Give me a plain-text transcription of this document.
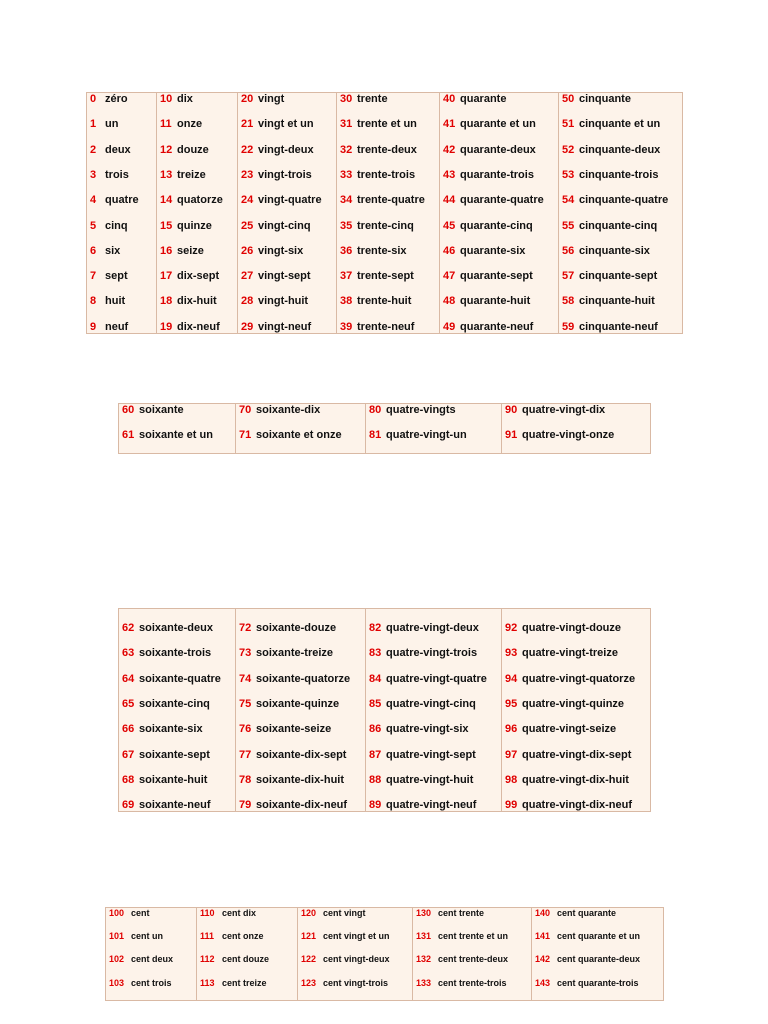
0 zéro
1 un
2 deux
3 trois
4 quatre
5 cinq
6 six
7 sept
8 huit
9 neuf
10 dix
11 onze
12 douze
13 treize
14 quatorze
15 quinze
16 seize
17 dix-sept
18 dix-huit
19 dix-neuf
20 vingt
21 vingt et un
22 vingt-deux
23 vingt-trois
24 vingt-quatre
25 vingt-cinq
26 vingt-six
27 vingt-sept
28 vingt-huit
29 vingt-neuf
30 trente
31 trente et un
32 trente-deux
33 trente-trois
34 trente-quatre
35 trente-cinq
36 trente-six
37 trente-sept
38 trente-huit
39 trente-neuf
40 quarante
41 quarante et un
42 quarante-deux
43 quarante-trois
44 quarante-quatre
45 quarante-cinq
46 quarante-six
47 quarante-sept
48 quarante-huit
49 quarante-neuf
50 cinquante
51 cinquante et un
52 cinquante-deux
53 cinquante-trois
54 cinquante-quatre
55 cinquante-cinq
56 cinquante-six
57 cinquante-sept
58 cinquante-huit
59 cinquante-neuf
60 soixante
61 soixante et un
70 soixante-dix
71 soixante et onze
80 quatre-vingts
81 quatre-vingt-un
90 quatre-vingt-dix
91 quatre-vingt-onze
62 soixante-deux
63 soixante-trois
64 soixante-quatre
65 soixante-cinq
66 soixante-six
67 soixante-sept
68 soixante-huit
69 soixante-neuf
72 soixante-douze
73 soixante-treize
74 soixante-quatorze
75 soixante-quinze
76 soixante-seize
77 soixante-dix-sept
78 soixante-dix-huit
79 soixante-dix-neuf
82 quatre-vingt-deux
83 quatre-vingt-trois
84 quatre-vingt-quatre
85 quatre-vingt-cinq
86 quatre-vingt-six
87 quatre-vingt-sept
88 quatre-vingt-huit
89 quatre-vingt-neuf
92 quatre-vingt-douze
93 quatre-vingt-treize
94 quatre-vingt-quatorze
95 quatre-vingt-quinze
96 quatre-vingt-seize
97 quatre-vingt-dix-sept
98 quatre-vingt-dix-huit
99 quatre-vingt-dix-neuf
100 cent
101 cent un
102 cent deux
103 cent trois
110 cent dix
111 cent onze
112 cent douze
113 cent treize
120 cent vingt
121 cent vingt et un
122 cent vingt-deux
123 cent vingt-trois
130 cent trente
131 cent trente et un
132 cent trente-deux
133 cent trente-trois
140 cent quarante
141 cent quarante et un
142 cent quarante-deux
143 cent quarante-trois
